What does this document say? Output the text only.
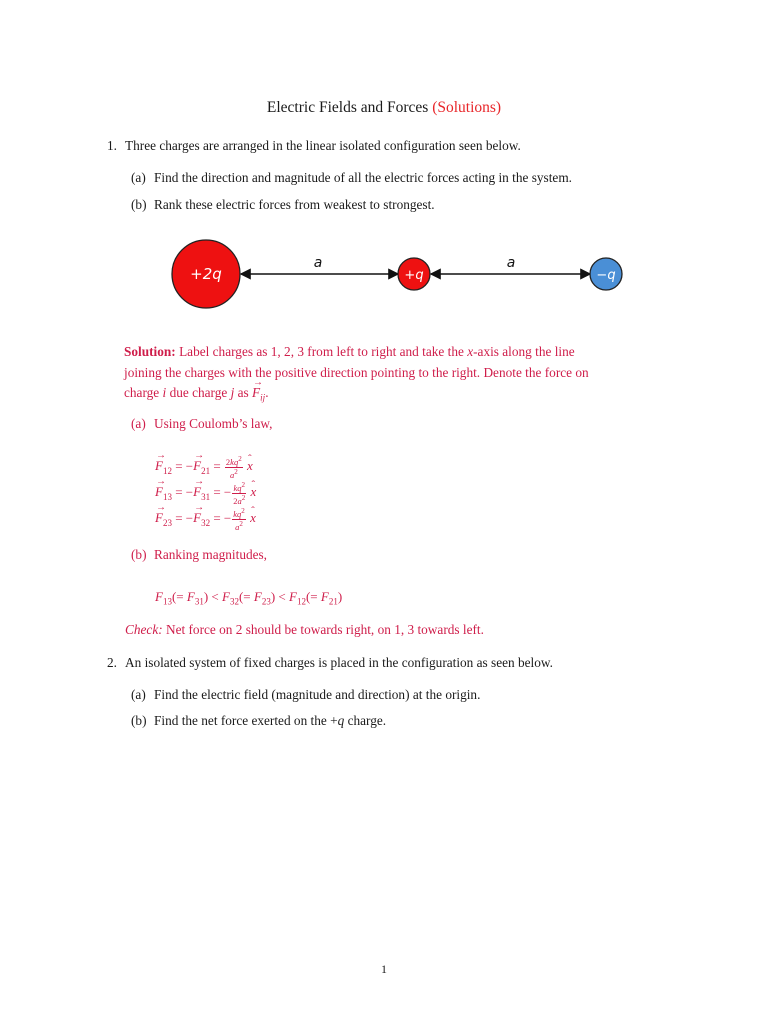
Electric Fields and Forces (Solutions)
1. Three charges are arranged in the linear isolated configuration seen below.
(a) Find the direction and magnitude of all the electric forces acting in the system.
(b) Rank these electric forces from weakest to strongest.
+2q	+q	−q
a	a
Solution: Label charges as 1, 2, 3 from left to right and take the x-axis along the line
joining the charges with the positive direction pointing to the right. Denote the force on
charge i due charge j as → $F_{ij}$.
(a) Using Coulomb’s law,
→ $F_{12}$ = −→ $F_{21} = \frac{2kq^2}{a^2}$ ˆ x
→ $F_{13}$ = −→ $F_{31}$ = − $\frac{kq^2}{2a^2}$ ˆ x
→ $F_{23}$ = −→ $F_{32}$ = − $\frac{kq^2}{a^2}$ ˆ x
(b) Ranking magnitudes,
$F_{13}(= F_{31}) < F_{32}(= F_{23}) < F_{12}(= F_{21})$
Check: Net force on 2 should be towards right, on 1, 3 towards left.
2. An isolated system of fixed charges is placed in the configuration as seen below.
(a) Find the electric field (magnitude and direction) at the origin.
(b) Find the net force exerted on the +q charge.
1
